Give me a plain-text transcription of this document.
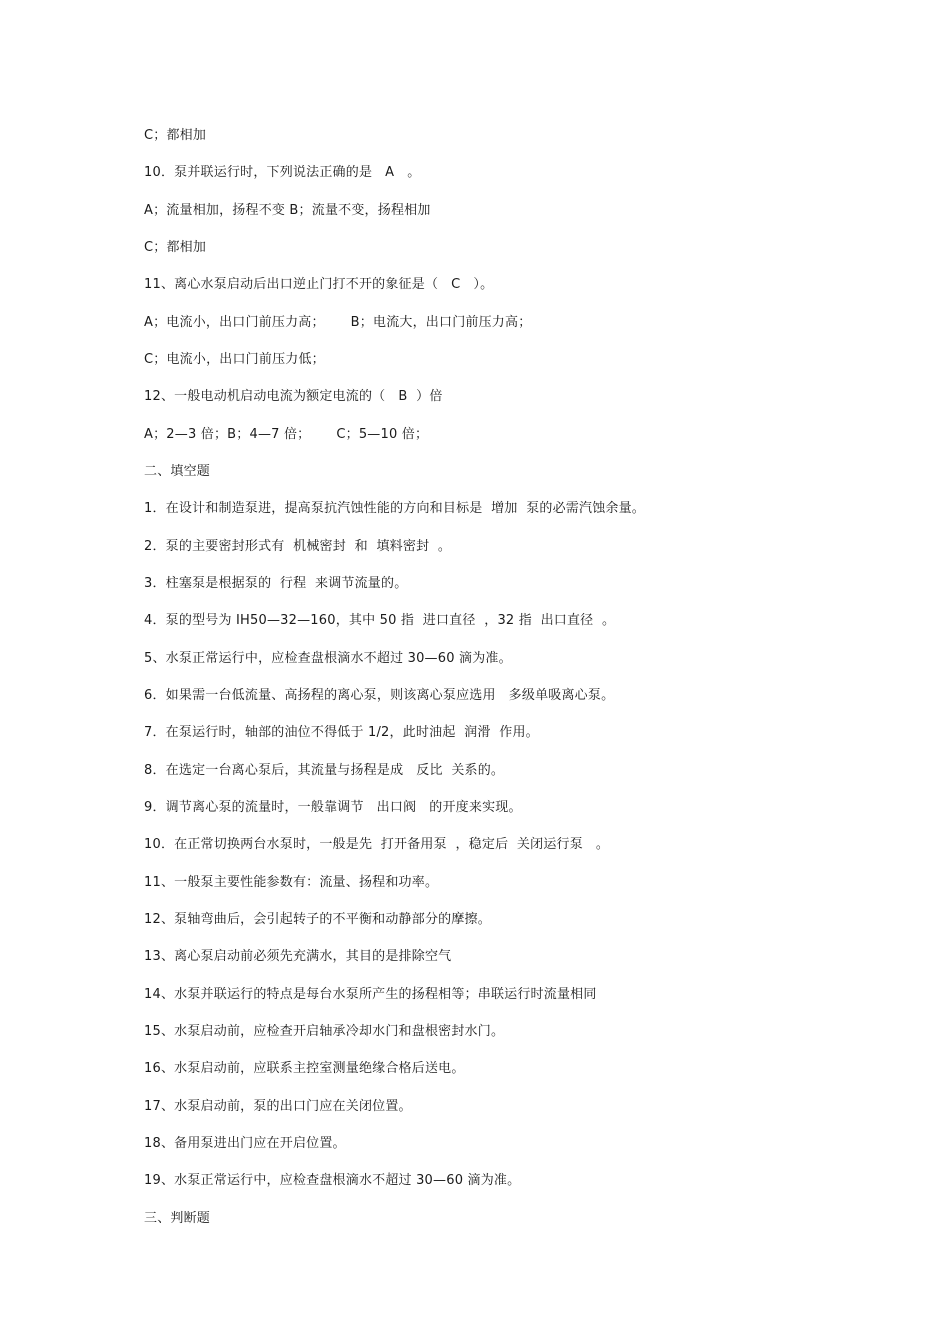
C；都相加
10．泵并联运行时，下列说法正确的是   A   。
A；流量相加，扬程不变 B；流量不变，扬程相加
C；都相加
11、离心水泵启动后出口逆止门打不开的象征是（   C   ）。
A；电流小，出口门前压力高；      B；电流大，出口门前压力高；
C；电流小，出口门前压力低；
12、一般电动机启动电流为额定电流的（   B  ）倍
A；2—3 倍；B；4—7 倍；      C；5—10 倍；
二、填空题
1．在设计和制造泵进，提高泵抗汽蚀性能的方向和目标是  增加  泵的必需汽蚀余量。
2．泵的主要密封形式有  机械密封  和  填料密封  。
3．柱塞泵是根据泵的  行程  来调节流量的。
4．泵的型号为 IH50—32—160，其中 50 指  进口直径  ，32 指  出口直径  。
5、水泵正常运行中，应检查盘根滴水不超过 30—60 滴为准。
6．如果需一台低流量、高扬程的离心泵，则该离心泵应选用   多级单吸离心泵。
7．在泵运行时，轴部的油位不得低于 1/2，此时油起  润滑  作用。
8．在选定一台离心泵后，其流量与扬程是成   反比  关系的。
9．调节离心泵的流量时，一般靠调节   出口阀   的开度来实现。
10．在正常切换两台水泵时，一般是先  打开备用泵  ，稳定后  关闭运行泵   。
11、一般泵主要性能参数有：流量、扬程和功率。
12、泵轴弯曲后，会引起转子的不平衡和动静部分的摩擦。
13、离心泵启动前必须先充满水，其目的是排除空气
14、水泵并联运行的特点是每台水泵所产生的扬程相等；串联运行时流量相同
15、水泵启动前，应检查开启轴承冷却水门和盘根密封水门。
16、水泵启动前，应联系主控室测量绝缘合格后送电。
17、水泵启动前，泵的出口门应在关闭位置。
18、备用泵进出门应在开启位置。
19、水泵正常运行中，应检查盘根滴水不超过 30—60 滴为准。
三、判断题
